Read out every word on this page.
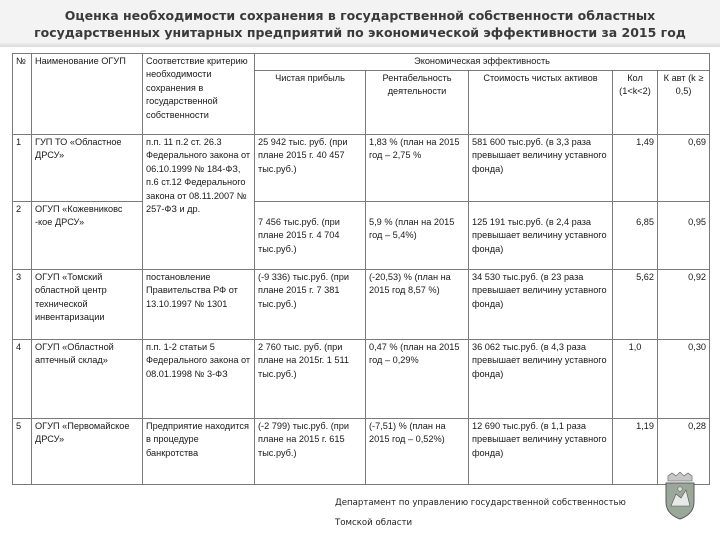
Оценка необходимости сохранения в государственной собственности областных государственных унитарных предприятий по экономической эффективности за 2015 год
№	Наименование ОГУП	Соответствие критерию необходимости сохранения в государственной собственности	Экономическая эффективность				
			Чистая прибыль	Рентабельность деятельности	Стоимость чистых активов	Кол (1<k<2)	К авт (k ≥ 0,5)
1	ГУП ТО «Областное ДРСУ»	п.п. 11 п.2 ст. 26.3 Федерального закона от 06.10.1999 № 184-ФЗ, п.6 ст.12 Федерального закона от 08.11.2007 № 257-ФЗ и др.	25 942 тыс. руб. (при плане 2015 г. 40 457 тыс.руб.)	1,83 % (план на 2015 год – 2,75 %	581 600 тыс.руб. (в 3,3 раза превышает величину уставного фонда)	1,49	0,69
2	ОГУП «Кожевниковс -кое ДРСУ»		7 456 тыс.руб. (при плане 2015 г. 4 704 тыс.руб.)	5,9 % (план на 2015 год – 5,4%)	125 191 тыс.руб. (в 2,4 раза превышает величину уставного фонда)	6,85	0,95
3	ОГУП «Томский областной центр технической инвентаризации	постановление Правительства РФ от 13.10.1997 № 1301	(-9 336) тыс.руб. (при плане 2015 г. 7 381 тыс.руб.)	(-20,53) % (план на 2015 год 8,57 %)	34 530 тыс.руб. (в 23 раза превышает величину уставного фонда)	5,62	0,92
4	ОГУП «Областной аптечный склад»	п.п. 1-2 статьи 5 Федерального закона от 08.01.1998 № 3-ФЗ	2 760 тыс. руб. (при плане на 2015г. 1 511 тыс.руб.)	0,47 % (план на 2015 год – 0,29%	36 062 тыс.руб. (в 4,3 раза превышает величину уставного фонда)	1,0	0,30
5	ОГУП «Первомайское ДРСУ»	Предприятие находится в процедуре банкротства	(-2 799) тыс.руб. (при плане на 2015 г. 615 тыс.руб.)	(-7,51) % (план на 2015 год – 0,52%)	12 690 тыс.руб. (в 1,1 раза превышает величину уставного фонда)	1,19	0,28
Департамент по управлению государственной собственностью
Томской области
